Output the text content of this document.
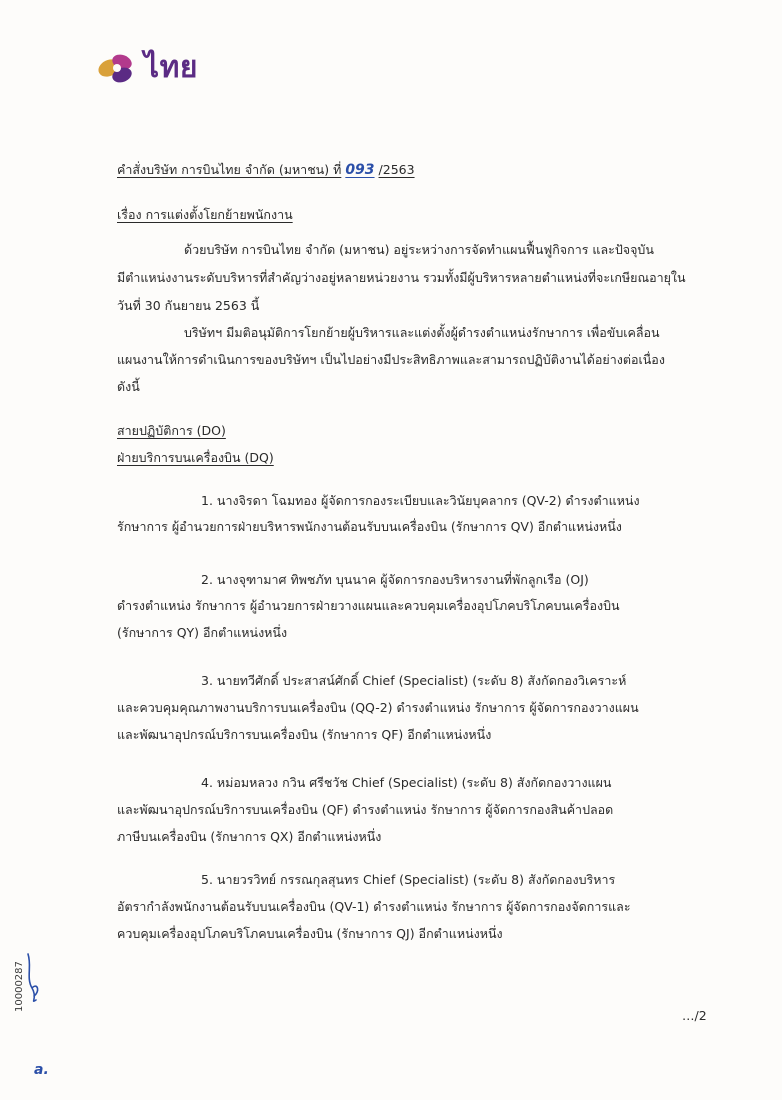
ไทย
คำสั่งบริษัท การบินไทย จำกัด (มหาชน) ที่ 093 /2563
เรื่อง การแต่งตั้งโยกย้ายพนักงาน
ด้วยบริษัท การบินไทย จำกัด (มหาชน) อยู่ระหว่างการจัดทำแผนฟื้นฟูกิจการ และปัจจุบัน
มีตำแหน่งงานระดับบริหารที่สำคัญว่างอยู่หลายหน่วยงาน รวมทั้งมีผู้บริหารหลายตำแหน่งที่จะเกษียณอายุใน
วันที่ 30 กันยายน 2563 นี้
บริษัทฯ มีมติอนุมัติการโยกย้ายผู้บริหารและแต่งตั้งผู้ดำรงตำแหน่งรักษาการ เพื่อขับเคลื่อน
แผนงานให้การดำเนินการของบริษัทฯ เป็นไปอย่างมีประสิทธิภาพและสามารถปฏิบัติงานได้อย่างต่อเนื่อง
ดังนี้
สายปฏิบัติการ (DO)
ฝ่ายบริการบนเครื่องบิน (DQ)
1. นางจิรดา โฉมทอง ผู้จัดการกองระเบียบและวินัยบุคลากร (QV-2) ดำรงตำแหน่ง
รักษาการ ผู้อำนวยการฝ่ายบริหารพนักงานต้อนรับบนเครื่องบิน (รักษาการ QV) อีกตำแหน่งหนึ่ง
2. นางจุฑามาศ ทิพชภัท บุนนาค ผู้จัดการกองบริหารงานที่พักลูกเรือ (OJ)
ดำรงตำแหน่ง รักษาการ ผู้อำนวยการฝ่ายวางแผนและควบคุมเครื่องอุปโภคบริโภคบนเครื่องบิน
(รักษาการ QY) อีกตำแหน่งหนึ่ง
3. นายทวีศักดิ์ ประสาสน์ศักดิ์ Chief (Specialist) (ระดับ 8) สังกัดกองวิเคราะห์
และควบคุมคุณภาพงานบริการบนเครื่องบิน (QQ-2) ดำรงตำแหน่ง รักษาการ ผู้จัดการกองวางแผน
และพัฒนาอุปกรณ์บริการบนเครื่องบิน (รักษาการ QF) อีกตำแหน่งหนึ่ง
4. หม่อมหลวง กวิน ศรีชวัช Chief (Specialist) (ระดับ 8) สังกัดกองวางแผน
และพัฒนาอุปกรณ์บริการบนเครื่องบิน (QF) ดำรงตำแหน่ง รักษาการ ผู้จัดการกองสินค้าปลอด
ภาษีบนเครื่องบิน (รักษาการ QX) อีกตำแหน่งหนึ่ง
5. นายวรวิทย์ กรรณกุลสุนทร Chief (Specialist) (ระดับ 8) สังกัดกองบริหาร
อัตรากำลังพนักงานต้อนรับบนเครื่องบิน (QV-1) ดำรงตำแหน่ง รักษาการ ผู้จัดการกองจัดการและ
ควบคุมเครื่องอุปโภคบริโภคบนเครื่องบิน (รักษาการ QJ) อีกตำแหน่งหนึ่ง
…/2
10000287
a.
